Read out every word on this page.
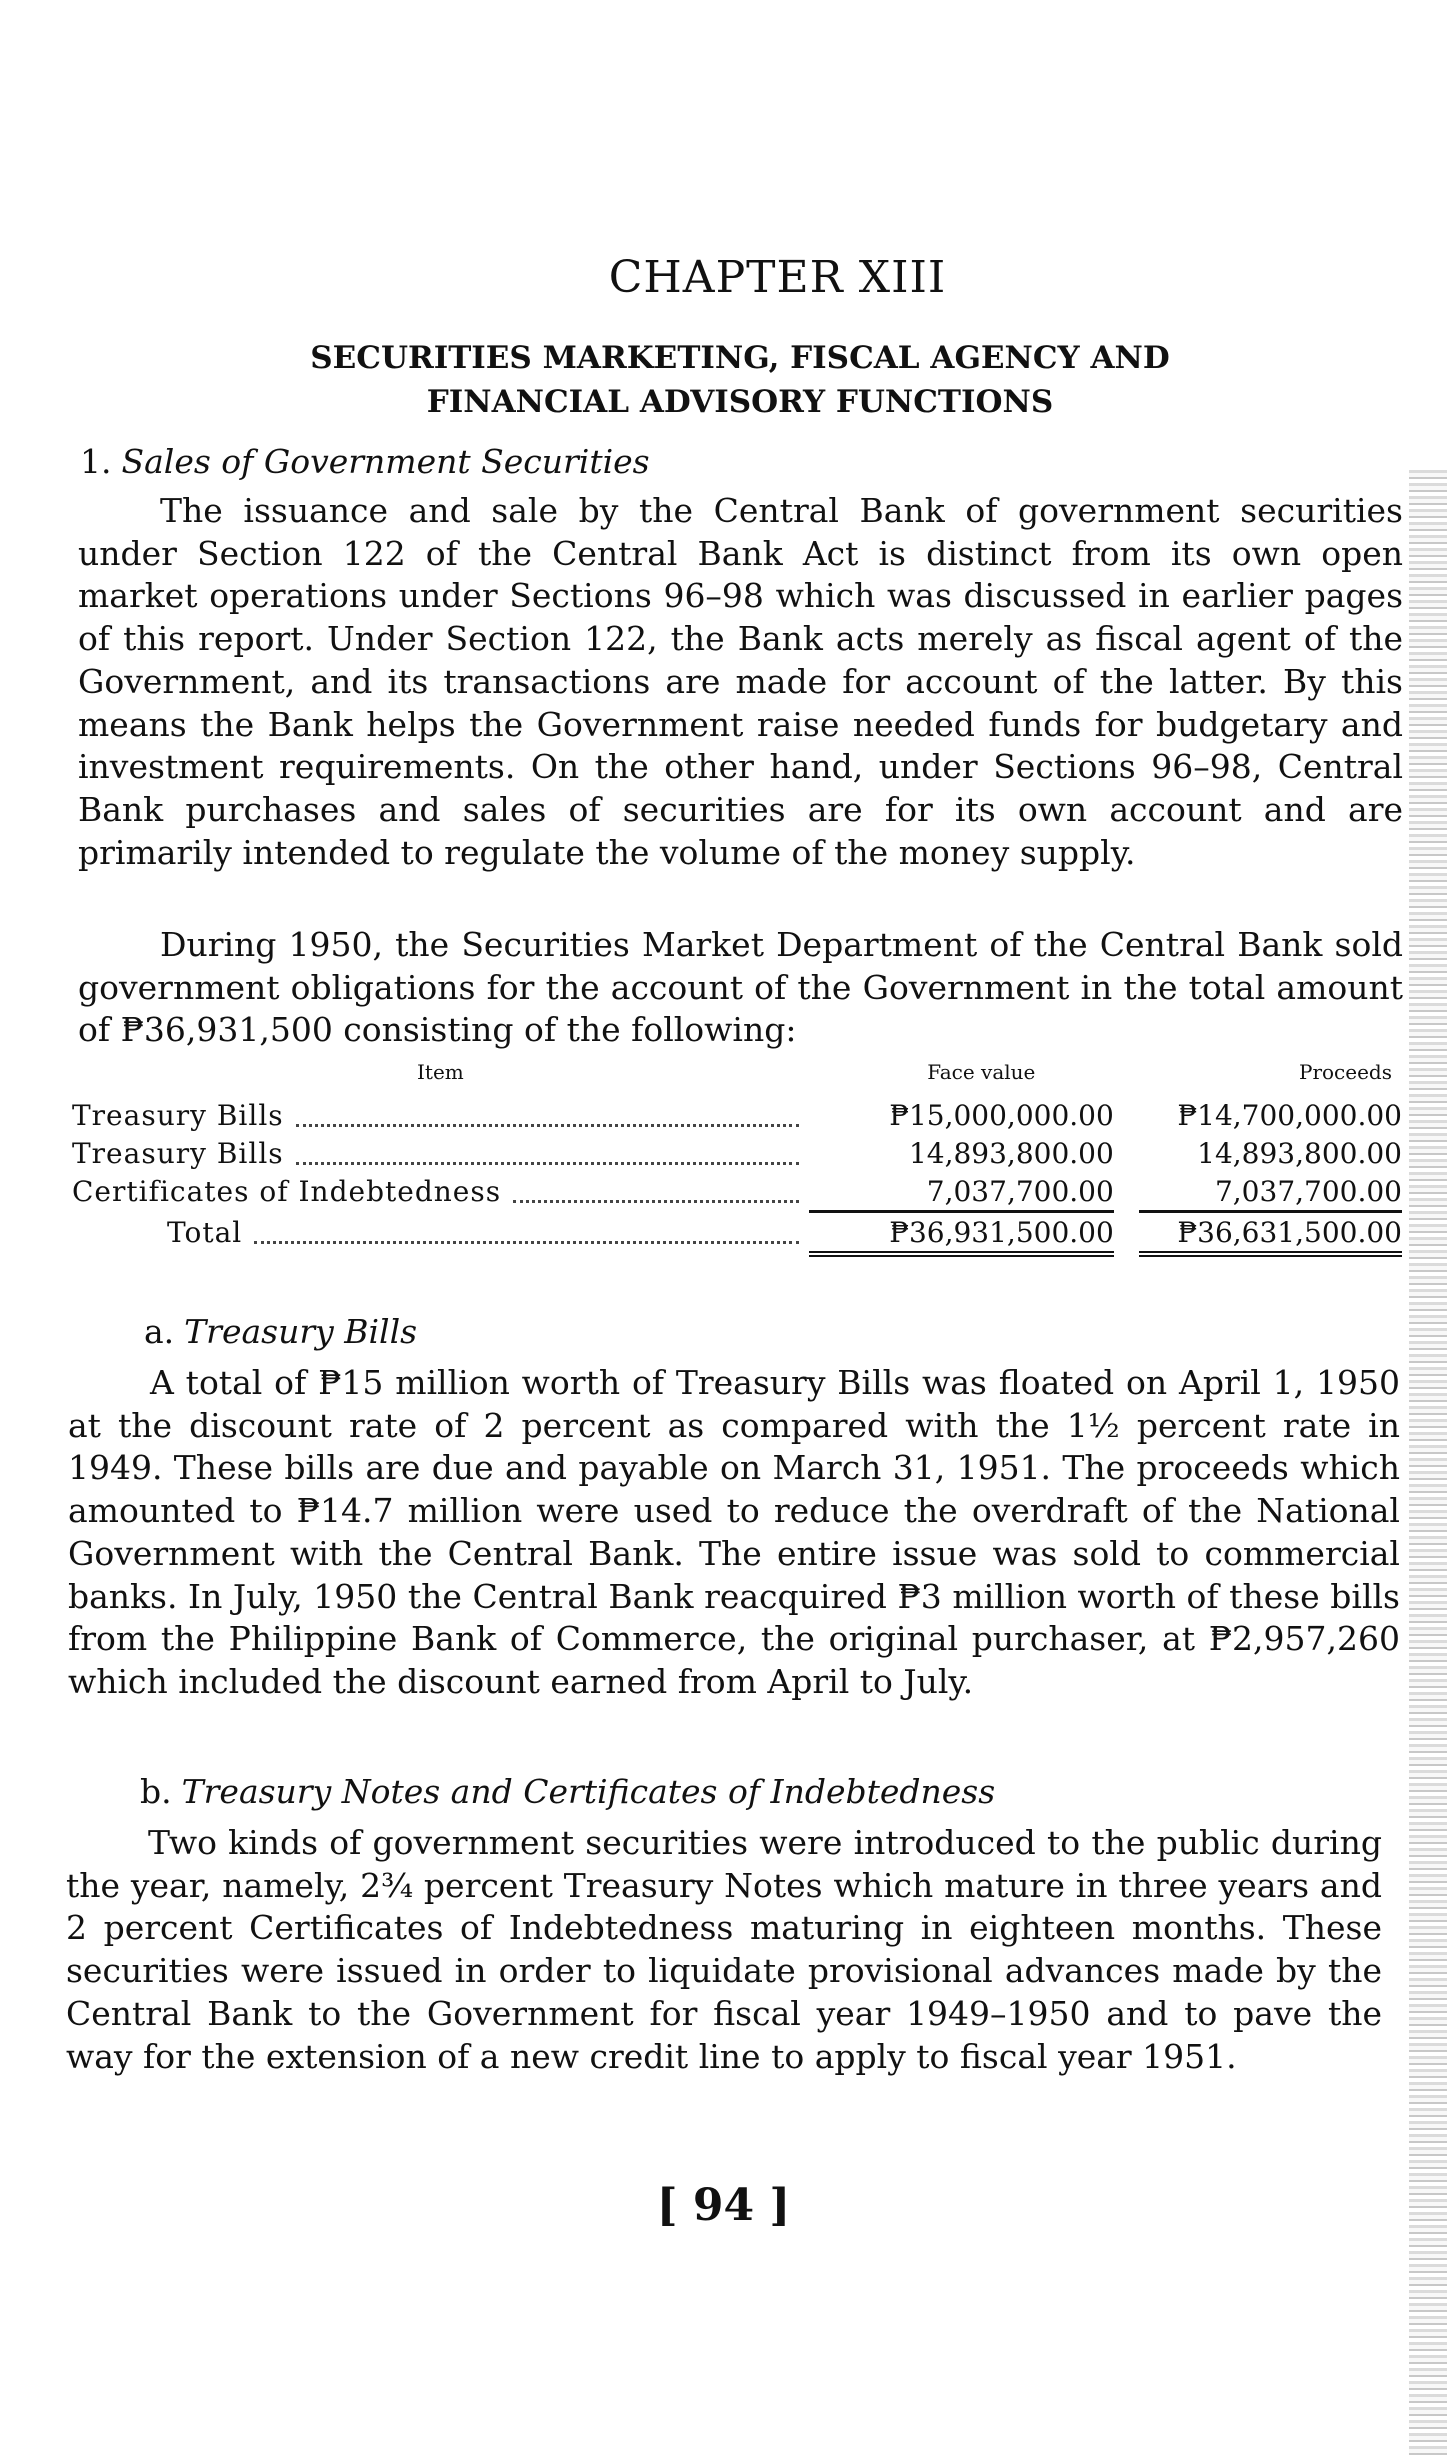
CHAPTER XIII
SECURITIES MARKETING, FISCAL AGENCY AND
FINANCIAL ADVISORY FUNCTIONS
1. Sales of Government Securities

The issuance and sale by the Central Bank of government securities under Section 122 of the Central Bank Act is distinct from its own open market operations under Sections 96–98 which was discussed in earlier pages of this report. Under Section 122, the Bank acts merely as fiscal agent of the Government, and its transactions are made for account of the latter. By this means the Bank helps the Government raise needed funds for budgetary and investment requirements. On the other hand, under Sections 96–98, Central Bank purchases and sales of securities are for its own account and are primarily intended to regulate the volume of the money supply.

During 1950, the Securities Market Department of the Central Bank sold government obligations for the account of the Government in the total amount of ₱36,931,500 consisting of the following:

Item	Face value		Proceeds

Treasury Bills	₱15,000,000.00		₱14,700,000.00

Treasury Bills	14,893,800.00		14,893,800.00

Certificates of Indebtedness	7,037,700.00		7,037,700.00

Total	₱36,931,500.00		₱36,631,500.00
a. Treasury Bills

A total of ₱15 million worth of Treasury Bills was floated on April 1, 1950 at the discount rate of 2 percent as compared with the 1½ percent rate in 1949. These bills are due and payable on March 31, 1951. The proceeds which amounted to ₱14.7 million were used to reduce the overdraft of the National Government with the Central Bank. The entire issue was sold to commercial banks. In July, 1950 the Central Bank reacquired ₱3 million worth of these bills from the Philippine Bank of Commerce, the original purchaser, at ₱2,957,260 which included the discount earned from April to July.

b. Treasury Notes and Certificates of Indebtedness

Two kinds of government securities were introduced to the public during the year, namely, 2¾ percent Treasury Notes which mature in three years and 2 percent Certificates of Indebtedness maturing in eighteen months. These securities were issued in order to liquidate provisional advances made by the Central Bank to the Government for fiscal year 1949–1950 and to pave the way for the extension of a new credit line to apply to fiscal year 1951.

[ 94 ]
